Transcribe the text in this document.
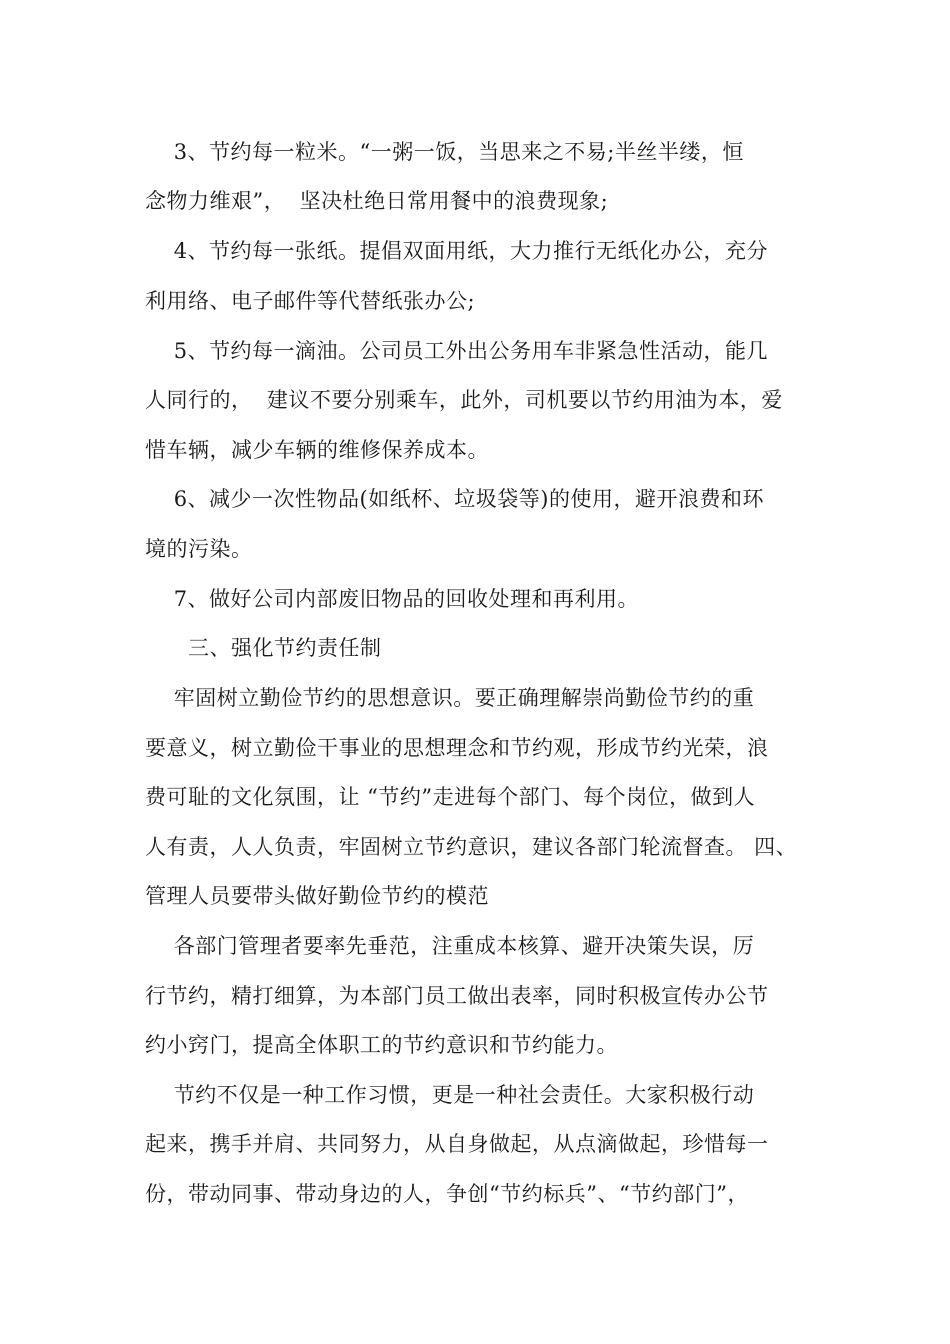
3、节约每一粒米。“一粥一饭，当思来之不易;半丝半缕，恒
念物力维艰”，  坚决杜绝日常用餐中的浪费现象;
4、节约每一张纸。提倡双面用纸，大力推行无纸化办公，充分
利用络、电子邮件等代替纸张办公;
5、节约每一滴油。公司员工外出公务用车非紧急性活动，能几
人同行的，  建议不要分别乘车，此外，司机要以节约用油为本，爱
惜车辆，减少车辆的维修保养成本。
6、减少一次性物品(如纸杯、垃圾袋等)的使用，避开浪费和环
境的污染。
7、做好公司内部废旧物品的回收处理和再利用。
三、强化节约责任制
牢固树立勤俭节约的思想意识。要正确理解崇尚勤俭节约的重
要意义，树立勤俭干事业的思想理念和节约观，形成节约光荣，浪
费可耻的文化氛围，让 “节约”走进每个部门、每个岗位，做到人
人有责，人人负责，牢固树立节约意识，建议各部门轮流督查。 四、
管理人员要带头做好勤俭节约的模范
各部门管理者要率先垂范，注重成本核算、避开决策失误，厉
行节约，精打细算，为本部门员工做出表率，同时积极宣传办公节
约小窍门，提高全体职工的节约意识和节约能力。
节约不仅是一种工作习惯，更是一种社会责任。大家积极行动
起来，携手并肩、共同努力，从自身做起，从点滴做起，珍惜每一
份，带动同事、带动身边的人，争创“节约标兵”、“节约部门”，
